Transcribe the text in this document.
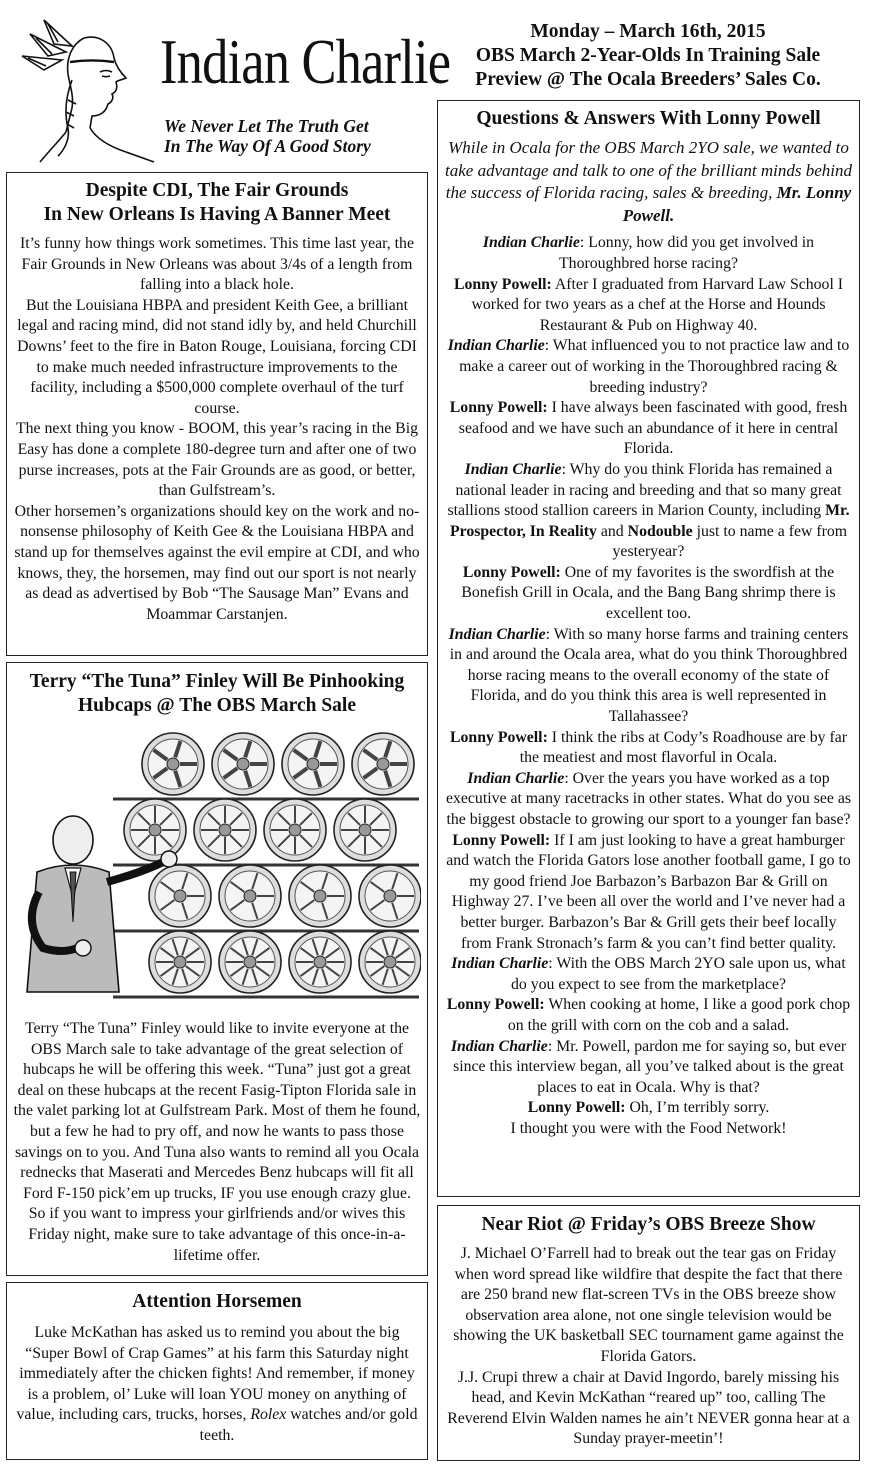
Indian Charlie
We Never Let The Truth Get
In The Way Of A Good Story
Monday – March 16th, 2015
OBS March 2-Year-Olds In Training Sale
Preview @ The Ocala Breeders’ Sales Co.
Despite CDI, The Fair Grounds
In New Orleans Is Having A Banner Meet

It’s funny how things work sometimes. This time last year, the Fair Grounds in New Orleans was about 3/4s of a length from falling into a black hole.

But the Louisiana HBPA and president Keith Gee, a brilliant legal and racing mind, did not stand idly by, and held Churchill Downs’ feet to the fire in Baton Rouge, Louisiana, forcing CDI to make much needed infrastructure improvements to the facility, including a $500,000 complete overhaul of the turf course.

The next thing you know - BOOM, this year’s racing in the Big Easy has done a complete 180-degree turn and after one of two purse increases, pots at the Fair Grounds are as good, or better, than Gulfstream’s.

Other horsemen’s organizations should key on the work and no-nonsense philosophy of Keith Gee & the Louisiana HBPA and stand up for themselves against the evil empire at CDI, and who knows, they, the horsemen, may find out our sport is not nearly as dead as advertised by Bob “The Sausage Man” Evans and Moammar Carstanjen.

Terry “The Tuna” Finley Will Be Pinhooking
Hubcaps @ The OBS March Sale

Terry “The Tuna” Finley would like to invite everyone at the OBS March sale to take advantage of the great selection of hubcaps he will be offering this week. “Tuna” just got a great deal on these hubcaps at the recent Fasig-Tipton Florida sale in the valet parking lot at Gulfstream Park. Most of them he found, but a few he had to pry off, and now he wants to pass those savings on to you. And Tuna also wants to remind all you Ocala rednecks that Maserati and Mercedes Benz hubcaps will fit all Ford F-150 pick’em up trucks, IF you use enough crazy glue. So if you want to impress your girlfriends and/or wives this Friday night, make sure to take advantage of this once-in-a-lifetime offer.

Attention Horsemen

Luke McKathan has asked us to remind you about the big “Super Bowl of Crap Games” at his farm this Saturday night immediately after the chicken fights! And remember, if money is a problem, ol’ Luke will loan YOU money on anything of value, including cars, trucks, horses, Rolex watches and/or gold teeth.

Questions & Answers With Lonny Powell

While in Ocala for the OBS March 2YO sale, we wanted to take advantage and talk to one of the brilliant minds behind the success of Florida racing, sales & breeding, Mr. Lonny Powell.

Indian Charlie: Lonny, how did you get involved in Thoroughbred horse racing?

Lonny Powell: After I graduated from Harvard Law School I worked for two years as a chef at the Horse and Hounds Restaurant & Pub on Highway 40.

Indian Charlie: What influenced you to not practice law and to make a career out of working in the Thoroughbred racing & breeding industry?

Lonny Powell: I have always been fascinated with good, fresh seafood and we have such an abundance of it here in central Florida.

Indian Charlie: Why do you think Florida has remained a national leader in racing and breeding and that so many great stallions stood stallion careers in Marion County, including Mr. Prospector, In Reality and Nodouble just to name a few from yesteryear?

Lonny Powell: One of my favorites is the swordfish at the Bonefish Grill in Ocala, and the Bang Bang shrimp there is excellent too.

Indian Charlie: With so many horse farms and training centers in and around the Ocala area, what do you think Thoroughbred horse racing means to the overall economy of the state of Florida, and do you think this area is well represented in Tallahassee?

Lonny Powell: I think the ribs at Cody’s Roadhouse are by far the meatiest and most flavorful in Ocala.

Indian Charlie: Over the years you have worked as a top executive at many racetracks in other states. What do you see as the biggest obstacle to growing our sport to a younger fan base?

Lonny Powell: If I am just looking to have a great hamburger and watch the Florida Gators lose another football game, I go to my good friend Joe Barbazon’s Barbazon Bar & Grill on Highway 27. I’ve been all over the world and I’ve never had a better burger. Barbazon’s Bar & Grill gets their beef locally from Frank Stronach’s farm & you can’t find better quality.

Indian Charlie: With the OBS March 2YO sale upon us, what do you expect to see from the marketplace?

Lonny Powell: When cooking at home, I like a good pork chop on the grill with corn on the cob and a salad.

Indian Charlie: Mr. Powell, pardon me for saying so, but ever since this interview began, all you’ve talked about is the great places to eat in Ocala. Why is that?

Lonny Powell: Oh, I’m terribly sorry.

I thought you were with the Food Network!

Near Riot @ Friday’s OBS Breeze Show

J. Michael O’Farrell had to break out the tear gas on Friday when word spread like wildfire that despite the fact that there are 250 brand new flat-screen TVs in the OBS breeze show observation area alone, not one single television would be showing the UK basketball SEC tournament game against the Florida Gators.

J.J. Crupi threw a chair at David Ingordo, barely missing his head, and Kevin McKathan “reared up” too, calling The Reverend Elvin Walden names he ain’t NEVER gonna hear at a Sunday prayer-meetin’!
